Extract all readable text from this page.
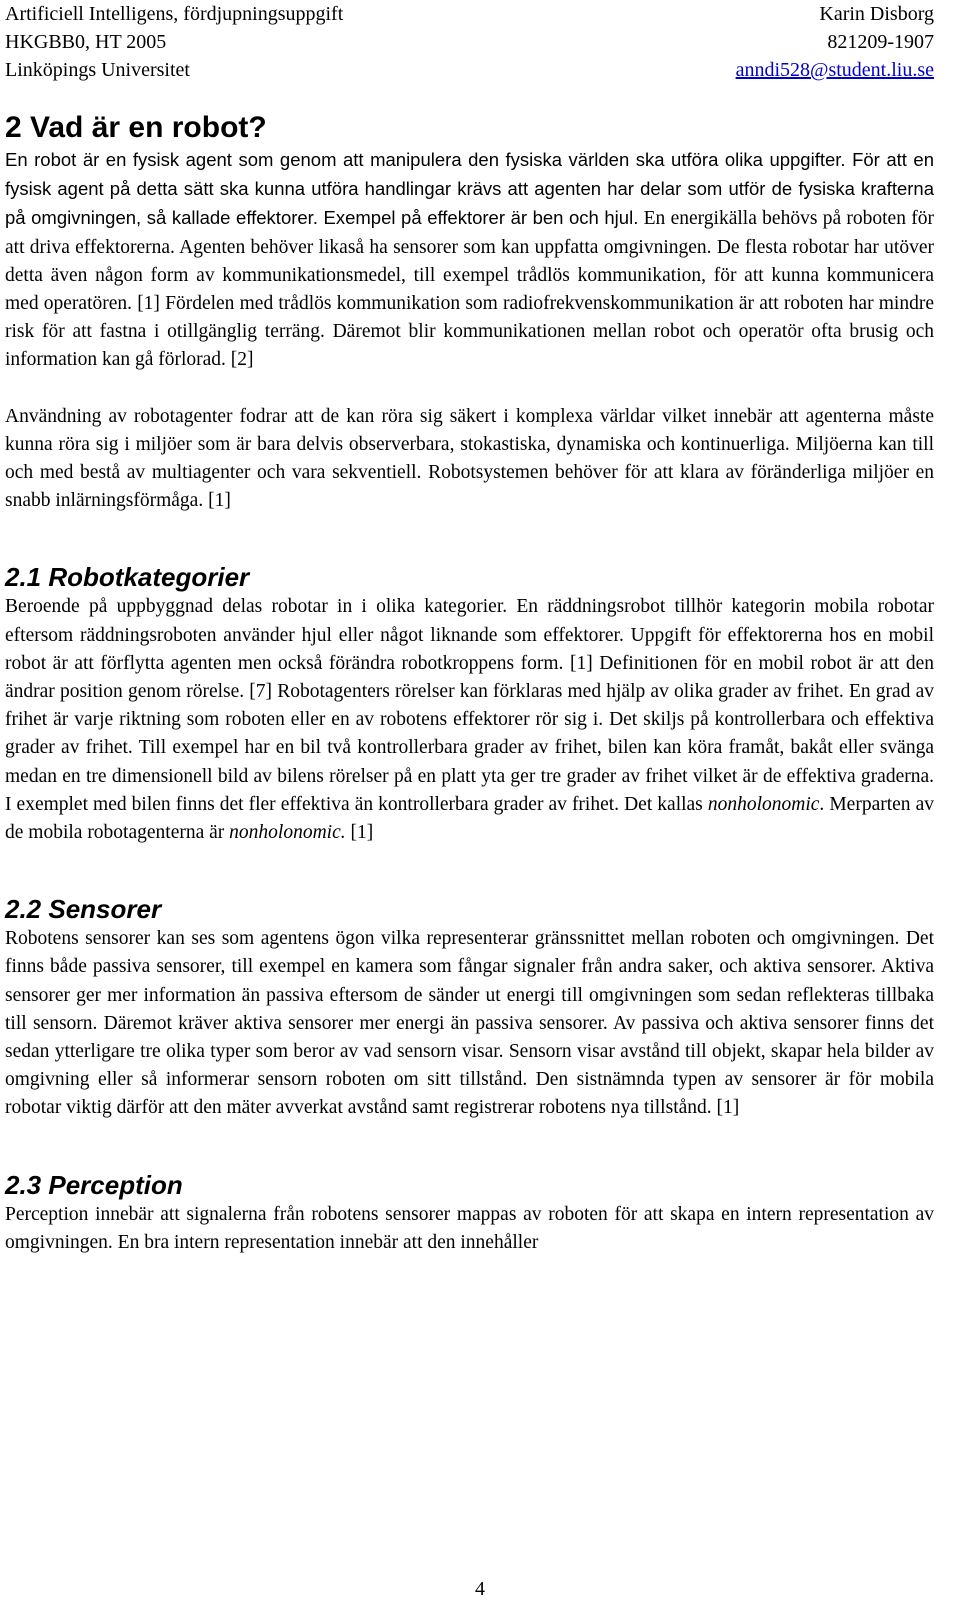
Artificiell Intelligens, fördjupningsuppgift	Karin Disborg
HKGBB0, HT 2005	821209-1907
Linköpings Universitet	anndi528@student.liu.se
2 Vad är en robot?

En robot är en fysisk agent som genom att manipulera den fysiska världen ska utföra olika uppgifter. För att en fysisk agent på detta sätt ska kunna utföra handlingar krävs att agenten har delar som utför de fysiska krafterna på omgivningen, så kallade effektorer. Exempel på effektorer är ben och hjul. En energikälla behövs på roboten för att driva effektorerna. Agenten behöver likaså ha sensorer som kan uppfatta omgivningen. De flesta robotar har utöver detta även någon form av kommunikationsmedel, till exempel trådlös kommunikation, för att kunna kommunicera med operatören. [1] Fördelen med trådlös kommunikation som radiofrekvenskommunikation är att roboten har mindre risk för att fastna i otillgänglig terräng. Däremot blir kommunikationen mellan robot och operatör ofta brusig och information kan gå förlorad. [2]

Användning av robotagenter fodrar att de kan röra sig säkert i komplexa världar vilket innebär att agenterna måste kunna röra sig i miljöer som är bara delvis observerbara, stokastiska, dynamiska och kontinuerliga. Miljöerna kan till och med bestå av multiagenter och vara sekventiell. Robotsystemen behöver för att klara av föränderliga miljöer en snabb inlärningsförmåga. [1]

2.1 Robotkategorier

Beroende på uppbyggnad delas robotar in i olika kategorier. En räddningsrobot tillhör kategorin mobila robotar eftersom räddningsroboten använder hjul eller något liknande som effektorer. Uppgift för effektorerna hos en mobil robot är att förflytta agenten men också förändra robotkroppens form. [1] Definitionen för en mobil robot är att den ändrar position genom rörelse. [7] Robotagenters rörelser kan förklaras med hjälp av olika grader av frihet. En grad av frihet är varje riktning som roboten eller en av robotens effektorer rör sig i. Det skiljs på kontrollerbara och effektiva grader av frihet. Till exempel har en bil två kontrollerbara grader av frihet, bilen kan köra framåt, bakåt eller svänga medan en tre dimensionell bild av bilens rörelser på en platt yta ger tre grader av frihet vilket är de effektiva graderna. I exemplet med bilen finns det fler effektiva än kontrollerbara grader av frihet. Det kallas nonholonomic. Merparten av de mobila robotagenterna är nonholonomic. [1]

2.2 Sensorer

Robotens sensorer kan ses som agentens ögon vilka representerar gränssnittet mellan roboten och omgivningen. Det finns både passiva sensorer, till exempel en kamera som fångar signaler från andra saker, och aktiva sensorer. Aktiva sensorer ger mer information än passiva eftersom de sänder ut energi till omgivningen som sedan reflekteras tillbaka till sensorn. Däremot kräver aktiva sensorer mer energi än passiva sensorer. Av passiva och aktiva sensorer finns det sedan ytterligare tre olika typer som beror av vad sensorn visar. Sensorn visar avstånd till objekt, skapar hela bilder av omgivning eller så informerar sensorn roboten om sitt tillstånd. Den sistnämnda typen av sensorer är för mobila robotar viktig därför att den mäter avverkat avstånd samt registrerar robotens nya tillstånd. [1]

2.3 Perception

Perception innebär att signalerna från robotens sensorer mappas av roboten för att skapa en intern representation av omgivningen. En bra intern representation innebär att den innehåller

4
